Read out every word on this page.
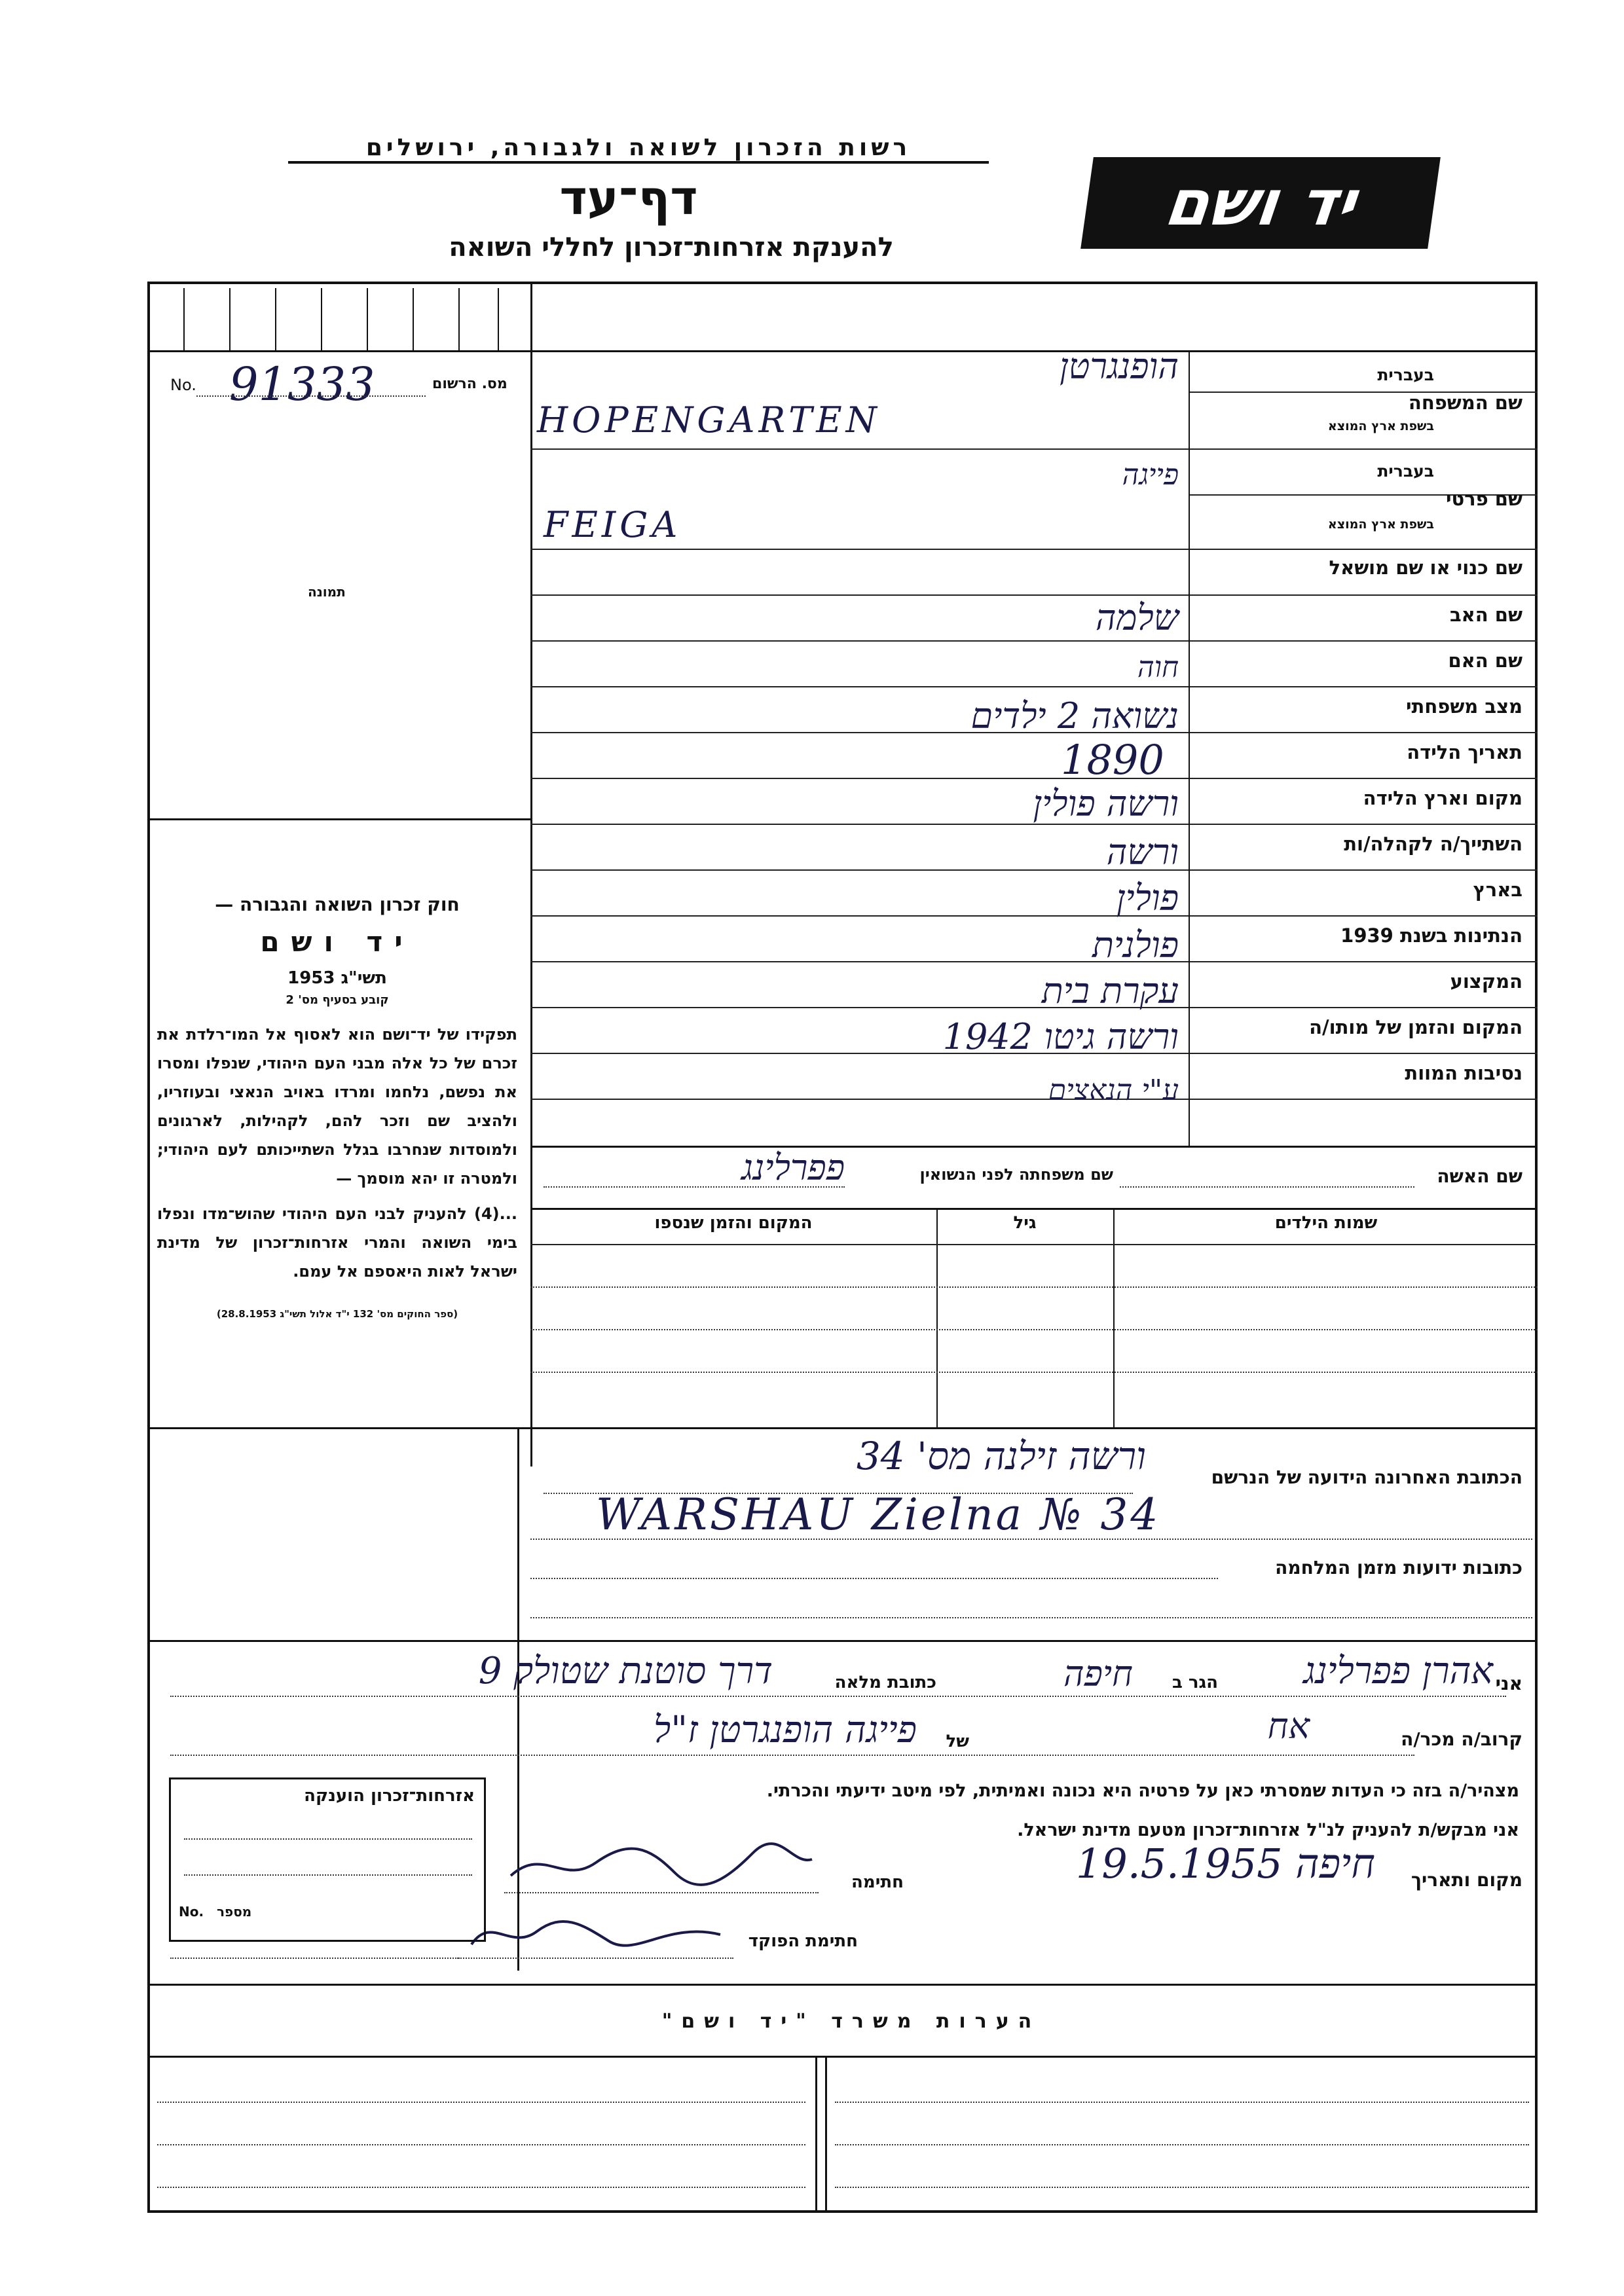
רשות הזכרון לשואה ולגבורה, ירושלים
דף־עד
להענקת אזרחות־זכרון לחללי השואה
יד ושם
No. 91333	מס. הרשום
תמונה
חוק זכרון השואה והגבורה —
יד ושם
תשי"ג 1953
קובע בסעיף מס' 2
תפקידו של יד־ושם הוא לאסוף אל המו־רלדת את זכרם של כל אלה מבני העם היהודי, שנפלו ומסרו את נפשם, נלחמו ומרדו באויב הנאצי ובעוזריו, ולהציב שם וזכר להם, לקהילות, לארגונים ולמוסדות שנחרבו בגלל השתייכותם לעם היהודי; ולמטרה זו יהא מוסמך —
...(4) להעניק לבני העם היהודי שהוש־מדו ונפלו בימי השואה והמרי אזרחות־זכרון של מדינת ישראל לאות היאספם אל עמם.
(ספר החוקים מס' 132 י"ד אלול תשי"ג 28.8.1953)
שם המשפחה
בעברית
בשפת ארץ המוצא
שם פרטי
בעברית
בשפת ארץ המוצא
שם כנוי או שם מושאל
שם האב
שם האם
מצב משפחתי
תאריך הלידה
מקום וארץ הלידה
השתייך/ה לקהלה/ות
בארץ
הנתינות בשנת 1939
המקצוע
המקום והזמן של מותו/ה
נסיבות המוות
הופנגרטן
HOPENGARTEN
פייגה
FEIGA
שלמה
חוה
נשואה 2 ילדים
1890
ורשה פולין
ורשה
פולין
פולנית
עקרת בית
ורשה גיטו 1942
ע"י הנאצים
שם האשה
שם משפחתה לפני הנשואין
פפרלינג
שמות הילדים
גיל
המקום והזמן שנספו
הכתובת האחרונה הידועה של הנרשם
ורשה זילנה מס' 34
WARSHAU Zielna № 34
כתובות ידועות מזמן המלחמה
אני
אהרן פפרלינג
הגר ב
חיפה
כתובת מלאה
דרך סוטנת שטולק 9
קרוב/ה מכר/ה
אח
של
פייגה הופנגרטן ז"ל
מצהיר/ה בזה כי העדות שמסרתי כאן על פרטיה היא נכונה ואמיתית, לפי מיטב ידיעתי והכרתי.
אני מבקש/ת להעניק לנ"ל אזרחות־זכרון מטעם מדינת ישראל.
מקום ותאריך
חיפה 19.5.1955
חתימה
חתימת הפוקד
אזרחות־זכרון הוענקה
No. מספר
הערות משרד "יד ושם"
